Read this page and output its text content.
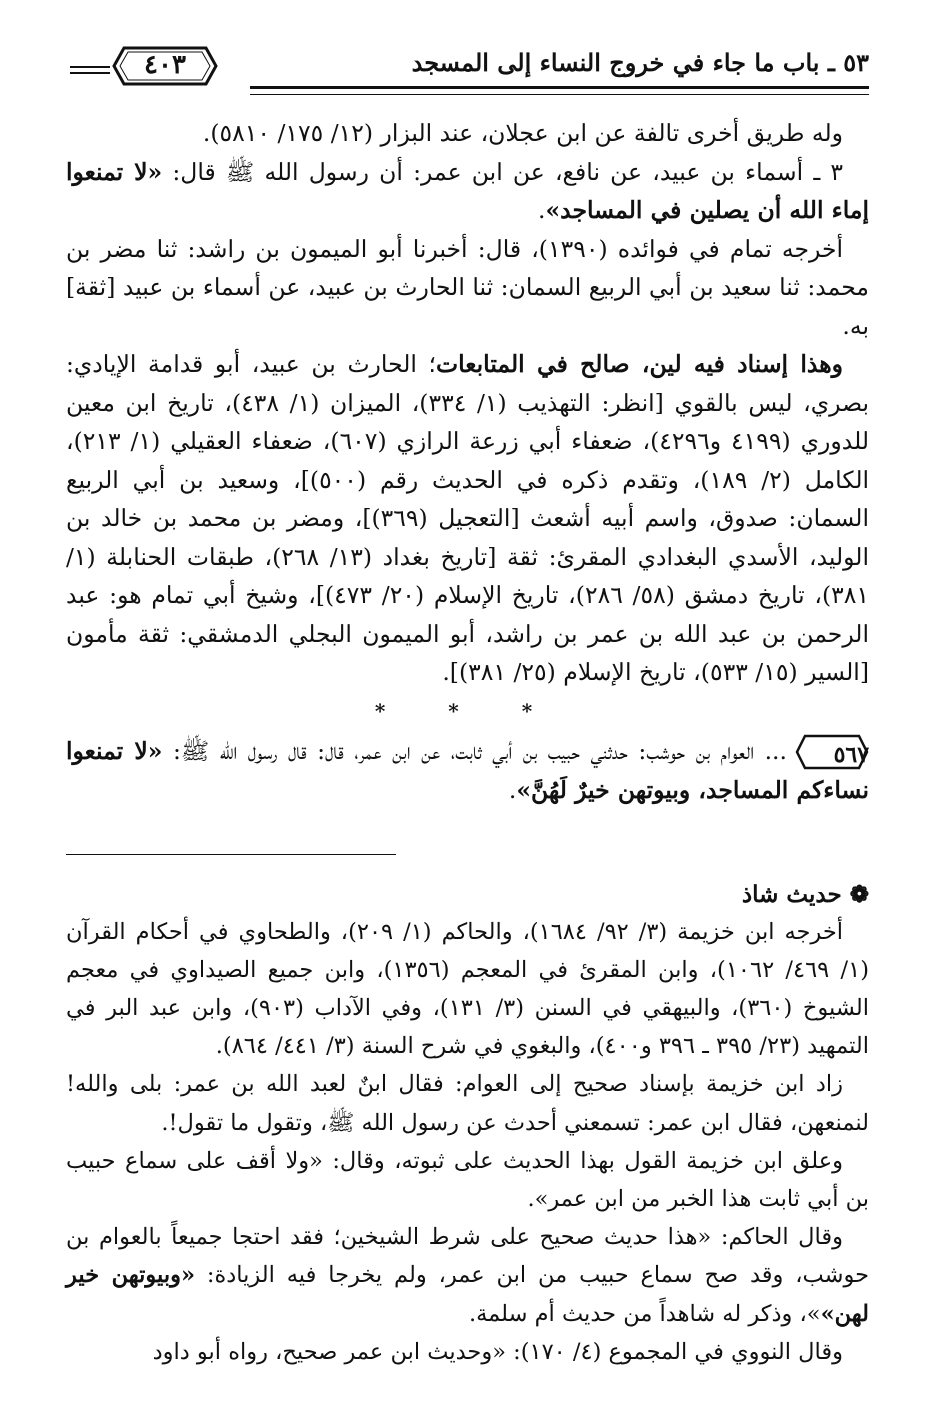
٥٣ ـ باب ما جاء في خروج النساء إلى المسجد
٤٠٣

وله طريق أخرى تالفة عن ابن عجلان، عند البزار (١٢/ ١٧٥/ ٥٨١٠).

٣ ـ أسماء بن عبيد، عن نافع، عن ابن عمر: أن رسول الله ﷺ قال: «لا تمنعوا إماء الله أن يصلين في المساجد».

أخرجه تمام في فوائده (١٣٩٠)، قال: أخبرنا أبو الميمون بن راشد: ثنا مضر بن محمد: ثنا سعيد بن أبي الربيع السمان: ثنا الحارث بن عبيد، عن أسماء بن عبيد [ثقة] به.

وهذا إسناد فيه لين، صالح في المتابعات؛ الحارث بن عبيد، أبو قدامة الإيادي: بصري، ليس بالقوي [انظر: التهذيب (١/ ٣٣٤)، الميزان (١/ ٤٣٨)، تاريخ ابن معين للدوري (٤١٩٩ و٤٢٩٦)، ضعفاء أبي زرعة الرازي (٦٠٧)، ضعفاء العقيلي (١/ ٢١٣)، الكامل (٢/ ١٨٩)، وتقدم ذكره في الحديث رقم (٥٠٠)]، وسعيد بن أبي الربيع السمان: صدوق، واسم أبيه أشعث [التعجيل (٣٦٩)]، ومضر بن محمد بن خالد بن الوليد، الأسدي البغدادي المقرئ: ثقة [تاريخ بغداد (١٣/ ٢٦٨)، طبقات الحنابلة (١/ ٣٨١)، تاريخ دمشق (٥٨/ ٢٨٦)، تاريخ الإسلام (٢٠/ ٤٧٣)]، وشيخ أبي تمام هو: عبد الرحمن بن عبد الله بن عمر بن راشد، أبو الميمون البجلي الدمشقي: ثقة مأمون [السير (١٥/ ٥٣٣)، تاريخ الإسلام (٢٥/ ٣٨١)].

* * *

٥٦٧
... العوام بن حوشب: حدثني حبيب بن أبي ثابت، عن ابن عمر، قال: قال رسول الله ﷺ: «لا تمنعوا نساءكم المساجد، وبيوتهن خيرٌ لَهُنَّ».

❁ حديث شاذ

أخرجه ابن خزيمة (٣/ ٩٢/ ١٦٨٤)، والحاكم (١/ ٢٠٩)، والطحاوي في أحكام القرآن (١/ ٤٦٩/ ١٠٦٢)، وابن المقرئ في المعجم (١٣٥٦)، وابن جميع الصيداوي في معجم الشيوخ (٣٦٠)، والبيهقي في السنن (٣/ ١٣١)، وفي الآداب (٩٠٣)، وابن عبد البر في التمهيد (٢٣/ ٣٩٥ ـ ٣٩٦ و٤٠٠)، والبغوي في شرح السنة (٣/ ٤٤١/ ٨٦٤).

زاد ابن خزيمة بإسناد صحيح إلى العوام: فقال ابنٌ لعبد الله بن عمر: بلى والله! لنمنعهن، فقال ابن عمر: تسمعني أحدث عن رسول الله ﷺ، وتقول ما تقول!.

وعلق ابن خزيمة القول بهذا الحديث على ثبوته، وقال: «ولا أقف على سماع حبيب بن أبي ثابت هذا الخبر من ابن عمر».

وقال الحاكم: «هذا حديث صحيح على شرط الشيخين؛ فقد احتجا جميعاً بالعوام بن حوشب، وقد صح سماع حبيب من ابن عمر، ولم يخرجا فيه الزيادة: «وبيوتهن خير لهن»»، وذكر له شاهداً من حديث أم سلمة.

وقال النووي في المجموع (٤/ ١٧٠): «وحديث ابن عمر صحيح، رواه أبو داود
